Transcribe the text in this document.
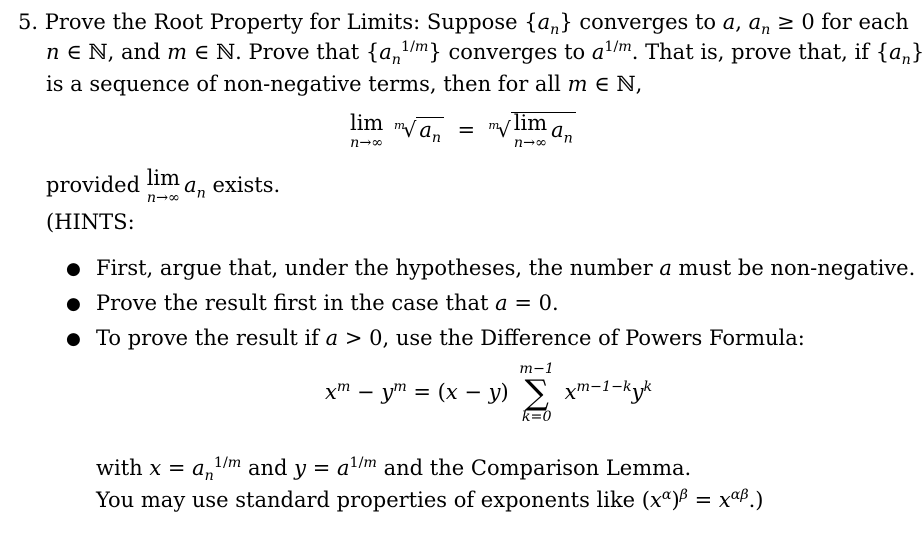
5. Prove the Root Property for Limits: Suppose $\{a_n\}$ converges to a, $a_n \ge 0$ for each
n ∈ ℕ, and m ∈ ℕ. Prove that $\{a_n^{1/m}\}$ converges to $a^{1/m}$. That is, prove that, if $\{a_n\}$
is a sequence of non-negative terms, then for all m ∈ ℕ,
lim
n→∞
$^m$√ $a_n = ^m√$ lim
n→∞
$a_n$
provided lim
n→∞
$a_n$ exists.
(HINTS:
● First, argue that, under the hypotheses, the number a must be non-negative.
● Prove the result first in the case that a = 0.
● To prove the result if a > 0, use the Difference of Powers Formula:
$x^m - y^m = (x - y)$
m−1
∑
k=0
$x^{m-1-k}y^k$
with $x = a_n^{1/m}$ and $y = a^{1/m}$ and the Comparison Lemma.
You may use standard properties of exponents like $(x^\alpha)^\beta = x^{\alpha\beta}$.)
